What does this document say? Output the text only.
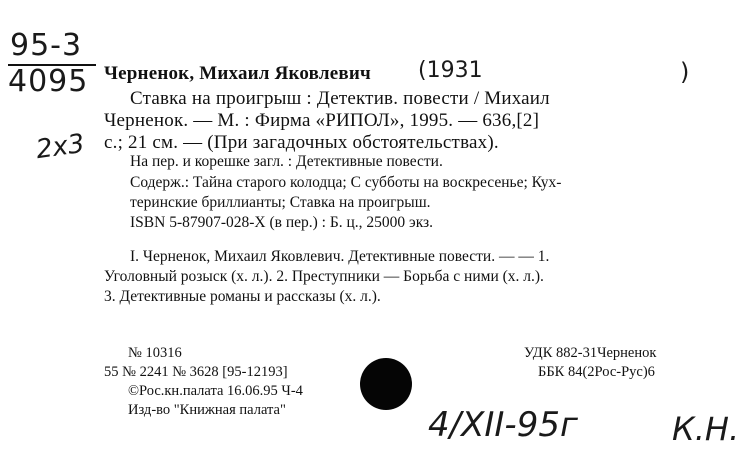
95-3
4095
2x3
Черненок, Михаил Яковлевич (1931	)
Ставка на проигрыш : Детектив. повести / Михаил
Черненок. — М. : Фирма «РИПОЛ», 1995. — 636,[2]
с.; 21 см. — (При загадочных обстоятельствах).
На пер. и корешке загл. : Детективные повести.
Содерж.: Тайна старого колодца; С субботы на воскресенье; Кух-
теринские бриллианты; Ставка на проигрыш.
ISBN 5-87907-028-X (в пер.) : Б. ц., 25000 экз.
I. Черненок, Михаил Яковлевич. Детективные повести. — — 1.
Уголовный розыск (х. л.). 2. Преступники — Борьба с ними (х. л.).
3. Детективные романы и рассказы (х. л.).
№ 10316
55 № 2241 № 3628 [95-12193]
©Рос.кн.палата 16.06.95 Ч-4
Изд-во "Книжная палата"
УДК 882-31Черненок
ББК 84(2Рос-Рус)6
4/XII-95г	К.Н.
